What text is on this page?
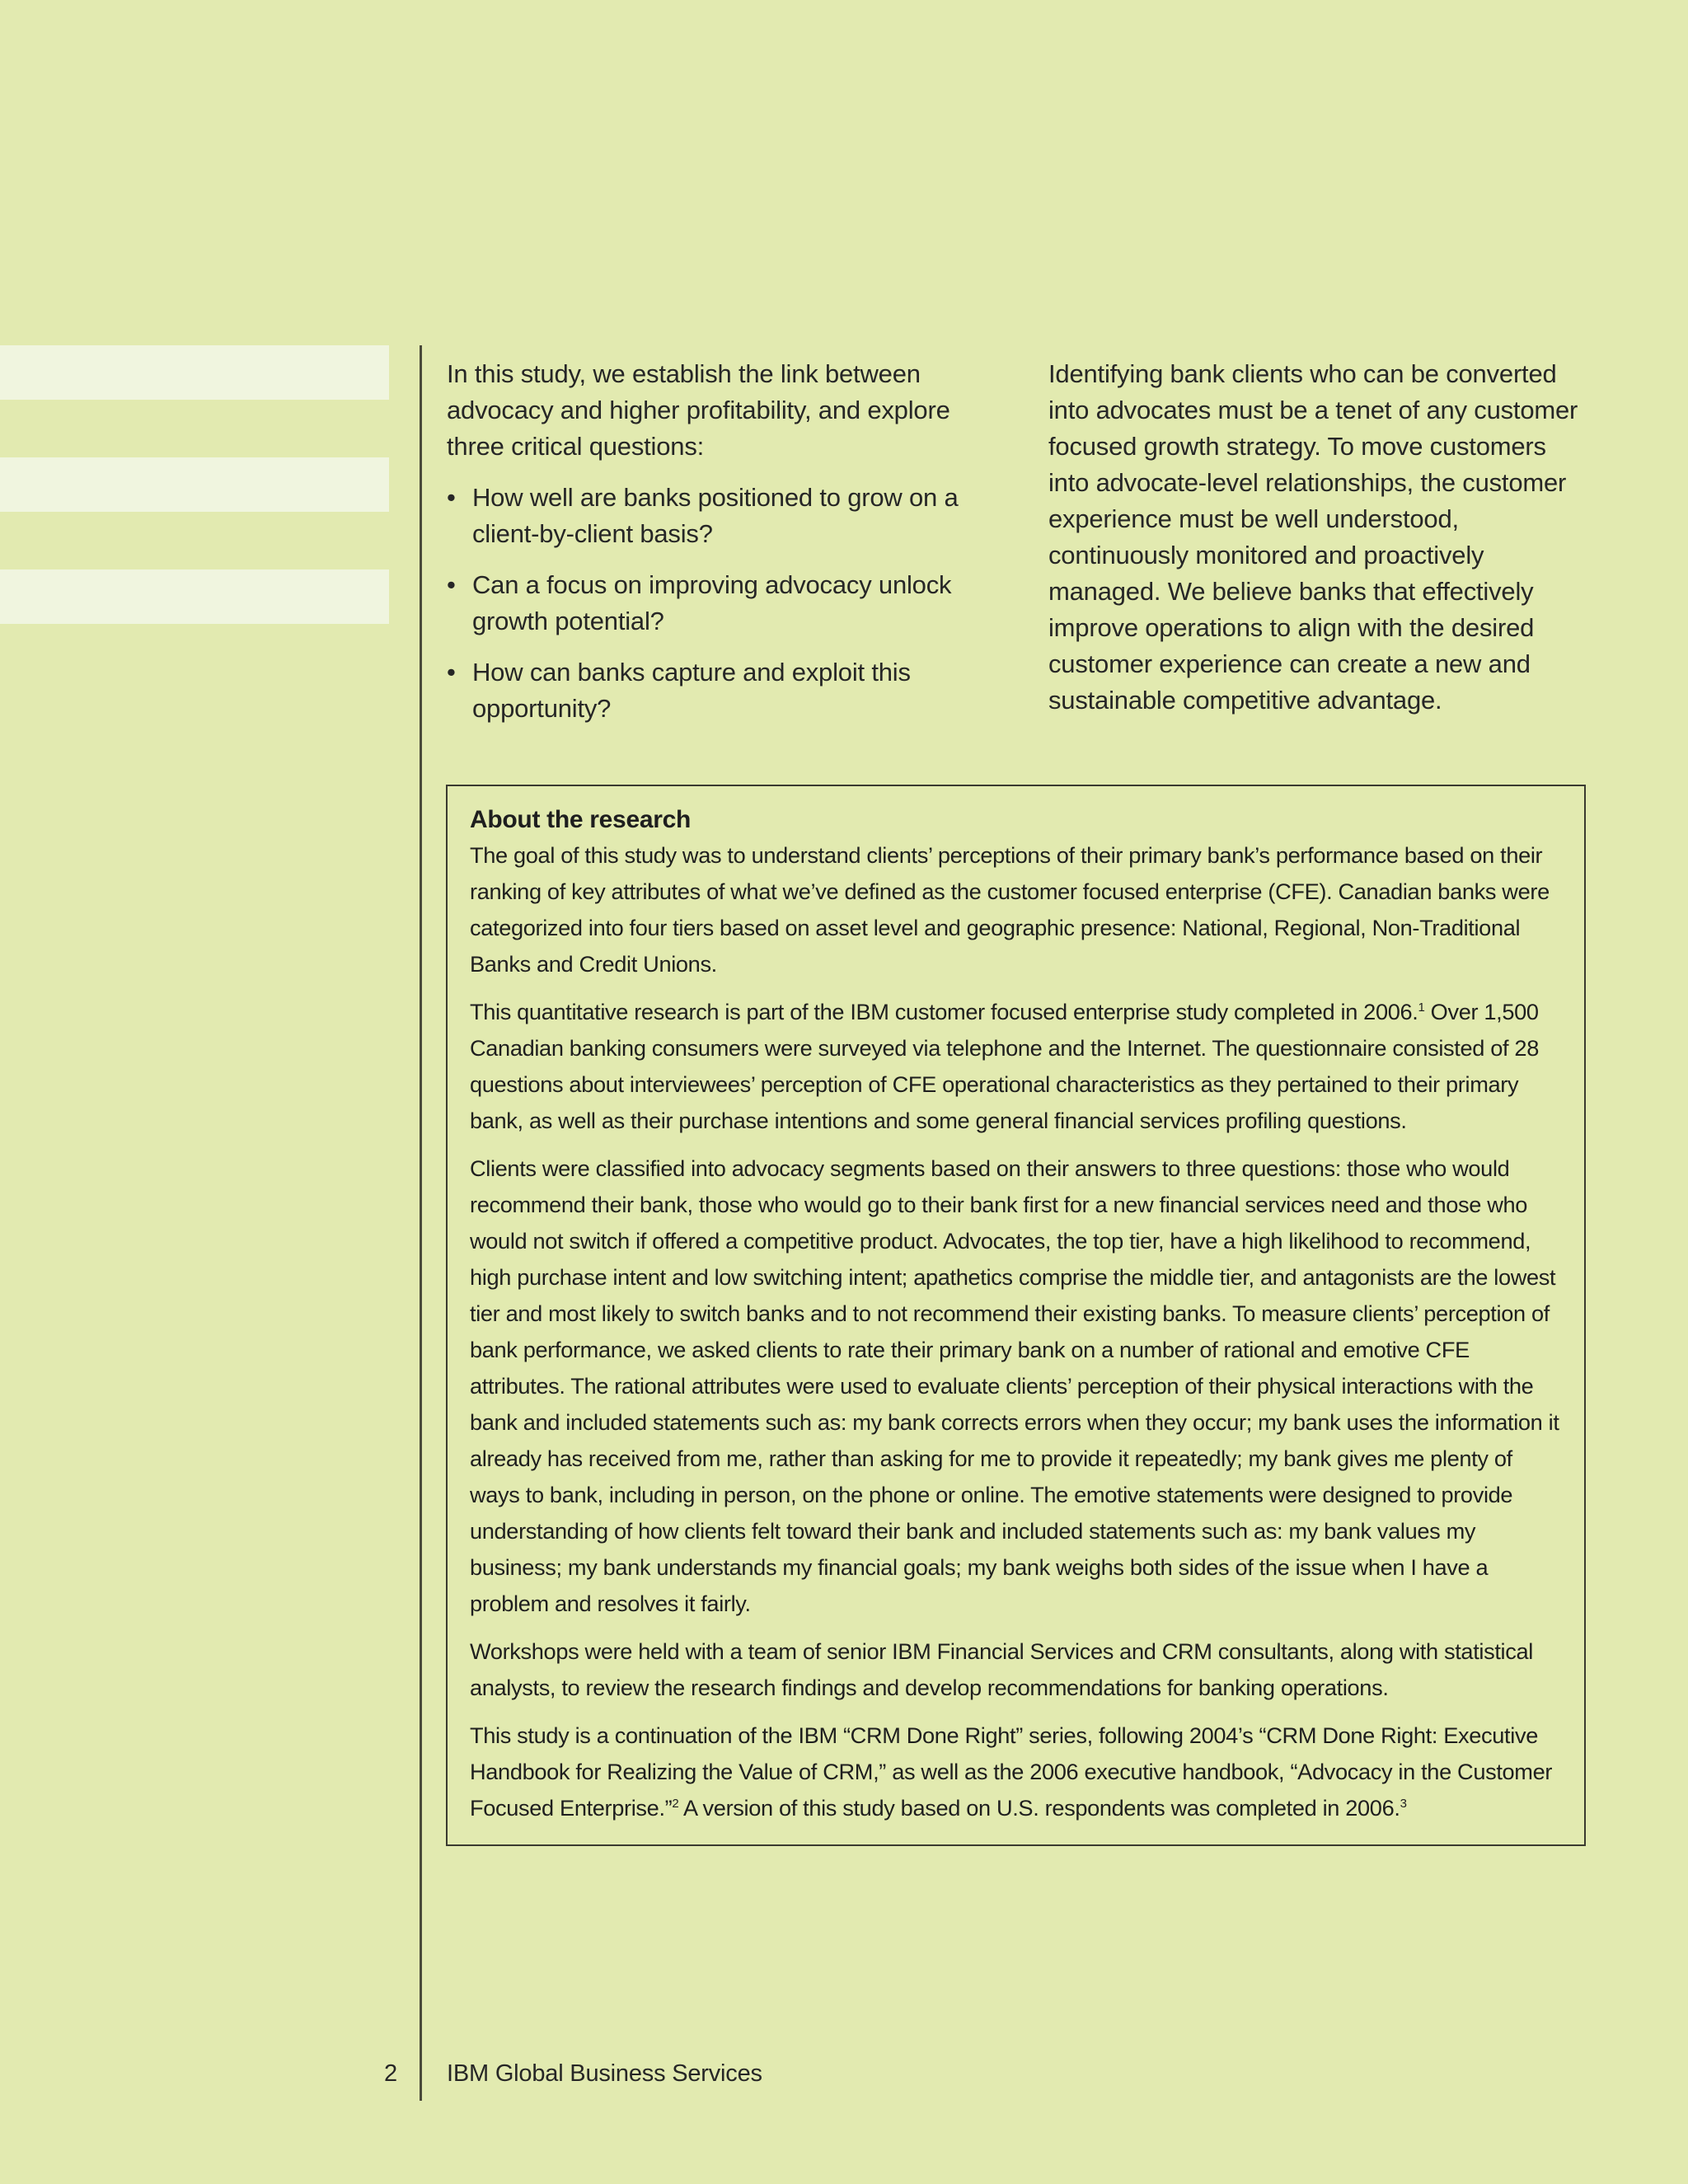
In this study, we establish the link between advocacy and higher profitability, and explore three critical questions:

• How well are banks positioned to grow on a client-by-client basis?
• Can a focus on improving advocacy unlock growth potential?
• How can banks capture and exploit this opportunity?

Identifying bank clients who can be converted into advocates must be a tenet of any customer focused growth strategy. To move customers into advocate-level relationships, the customer experience must be well understood, continuously monitored and proactively managed. We believe banks that effectively improve operations to align with the desired customer experience can create a new and sustainable competitive advantage.

About the research

The goal of this study was to understand clients’ perceptions of their primary bank’s performance based on their ranking of key attributes of what we’ve defined as the customer focused enterprise (CFE). Canadian banks were categorized into four tiers based on asset level and geographic presence: National, Regional, Non-Traditional Banks and Credit Unions.

This quantitative research is part of the IBM customer focused enterprise study completed in 2006.$^1$ Over 1,500 Canadian banking consumers were surveyed via telephone and the Internet. The questionnaire consisted of 28 questions about interviewees’ perception of CFE operational characteristics as they pertained to their primary bank, as well as their purchase intentions and some general financial services profiling questions.

Clients were classified into advocacy segments based on their answers to three questions: those who would recommend their bank, those who would go to their bank first for a new financial services need and those who would not switch if offered a competitive product. Advocates, the top tier, have a high likelihood to recommend, high purchase intent and low switching intent; apathetics comprise the middle tier, and antagonists are the lowest tier and most likely to switch banks and to not recommend their existing banks. To measure clients’ perception of bank performance, we asked clients to rate their primary bank on a number of rational and emotive CFE attributes. The rational attributes were used to evaluate clients’ perception of their physical interactions with the bank and included statements such as: my bank corrects errors when they occur; my bank uses the information it already has received from me, rather than asking for me to provide it repeatedly; my bank gives me plenty of ways to bank, including in person, on the phone or online. The emotive statements were designed to provide understanding of how clients felt toward their bank and included statements such as: my bank values my business; my bank understands my financial goals; my bank weighs both sides of the issue when I have a problem and resolves it fairly.

Workshops were held with a team of senior IBM Financial Services and CRM consultants, along with statistical analysts, to review the research findings and develop recommendations for banking operations.

This study is a continuation of the IBM “CRM Done Right” series, following 2004’s “CRM Done Right: Executive Handbook for Realizing the Value of CRM,” as well as the 2006 executive handbook, “Advocacy in the Customer Focused Enterprise.”$^2$ A version of this study based on U.S. respondents was completed in 2006.$^3$

2 IBM Global Business Services
